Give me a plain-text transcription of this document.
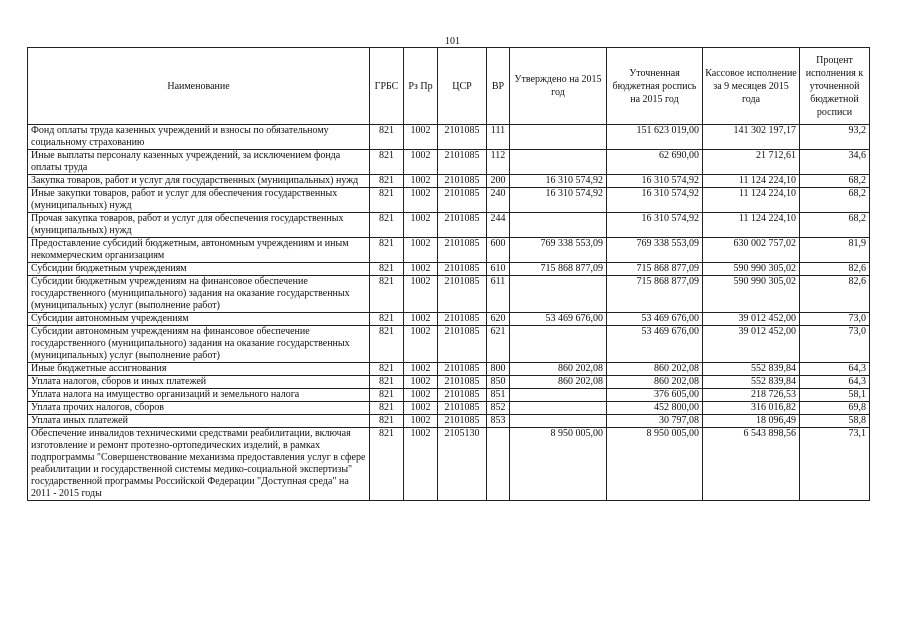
101
Наименование	ГРБС	Рз Пр	ЦСР	ВР	Утверждено на 2015 год	Уточненная бюджетная роспись на 2015 год	Кассовое исполнение за 9 месяцев 2015 года	Процент исполнения к уточненной бюджетной росписи
Фонд оплаты труда казенных учреждений и взносы по обязательному социальному страхованию	821	1002	2101085	111		151 623 019,00	141 302 197,17	93,2
Иные выплаты персоналу казенных учреждений, за исключением фонда оплаты труда	821	1002	2101085	112		62 690,00	21 712,61	34,6
Закупка товаров, работ и услуг для государственных (муниципальных) нужд	821	1002	2101085	200	16 310 574,92	16 310 574,92	11 124 224,10	68,2
Иные закупки товаров, работ и услуг для обеспечения государственных (муниципальных) нужд	821	1002	2101085	240	16 310 574,92	16 310 574,92	11 124 224,10	68,2
Прочая закупка товаров, работ и услуг для обеспечения государственных (муниципальных) нужд	821	1002	2101085	244		16 310 574,92	11 124 224,10	68,2
Предоставление субсидий бюджетным, автономным учреждениям и иным некоммерческим организациям	821	1002	2101085	600	769 338 553,09	769 338 553,09	630 002 757,02	81,9
Субсидии бюджетным учреждениям	821	1002	2101085	610	715 868 877,09	715 868 877,09	590 990 305,02	82,6
Субсидии бюджетным учреждениям на финансовое обеспечение государственного (муниципального) задания на оказание государственных (муниципальных) услуг (выполнение работ)	821	1002	2101085	611		715 868 877,09	590 990 305,02	82,6
Субсидии автономным учреждениям	821	1002	2101085	620	53 469 676,00	53 469 676,00	39 012 452,00	73,0
Субсидии автономным учреждениям на финансовое обеспечение государственного (муниципального) задания на оказание государственных (муниципальных) услуг (выполнение работ)	821	1002	2101085	621		53 469 676,00	39 012 452,00	73,0
Иные бюджетные ассигнования	821	1002	2101085	800	860 202,08	860 202,08	552 839,84	64,3
Уплата налогов, сборов и иных платежей	821	1002	2101085	850	860 202,08	860 202,08	552 839,84	64,3
Уплата налога на имущество организаций и земельного налога	821	1002	2101085	851		376 605,00	218 726,53	58,1
Уплата прочих налогов, сборов	821	1002	2101085	852		452 800,00	316 016,82	69,8
Уплата иных платежей	821	1002	2101085	853		30 797,08	18 096,49	58,8
Обеспечение инвалидов техническими средствами реабилитации, включая изготовление и ремонт протезно-ортопедических изделий, в рамках подпрограммы "Совершенствование механизма предоставления услуг в сфере реабилитации и государственной системы медико-социальной экспертизы" государственной программы Российской Федерации "Доступная среда" на 2011 - 2015 годы	821	1002	2105130		8 950 005,00	8 950 005,00	6 543 898,56	73,1
